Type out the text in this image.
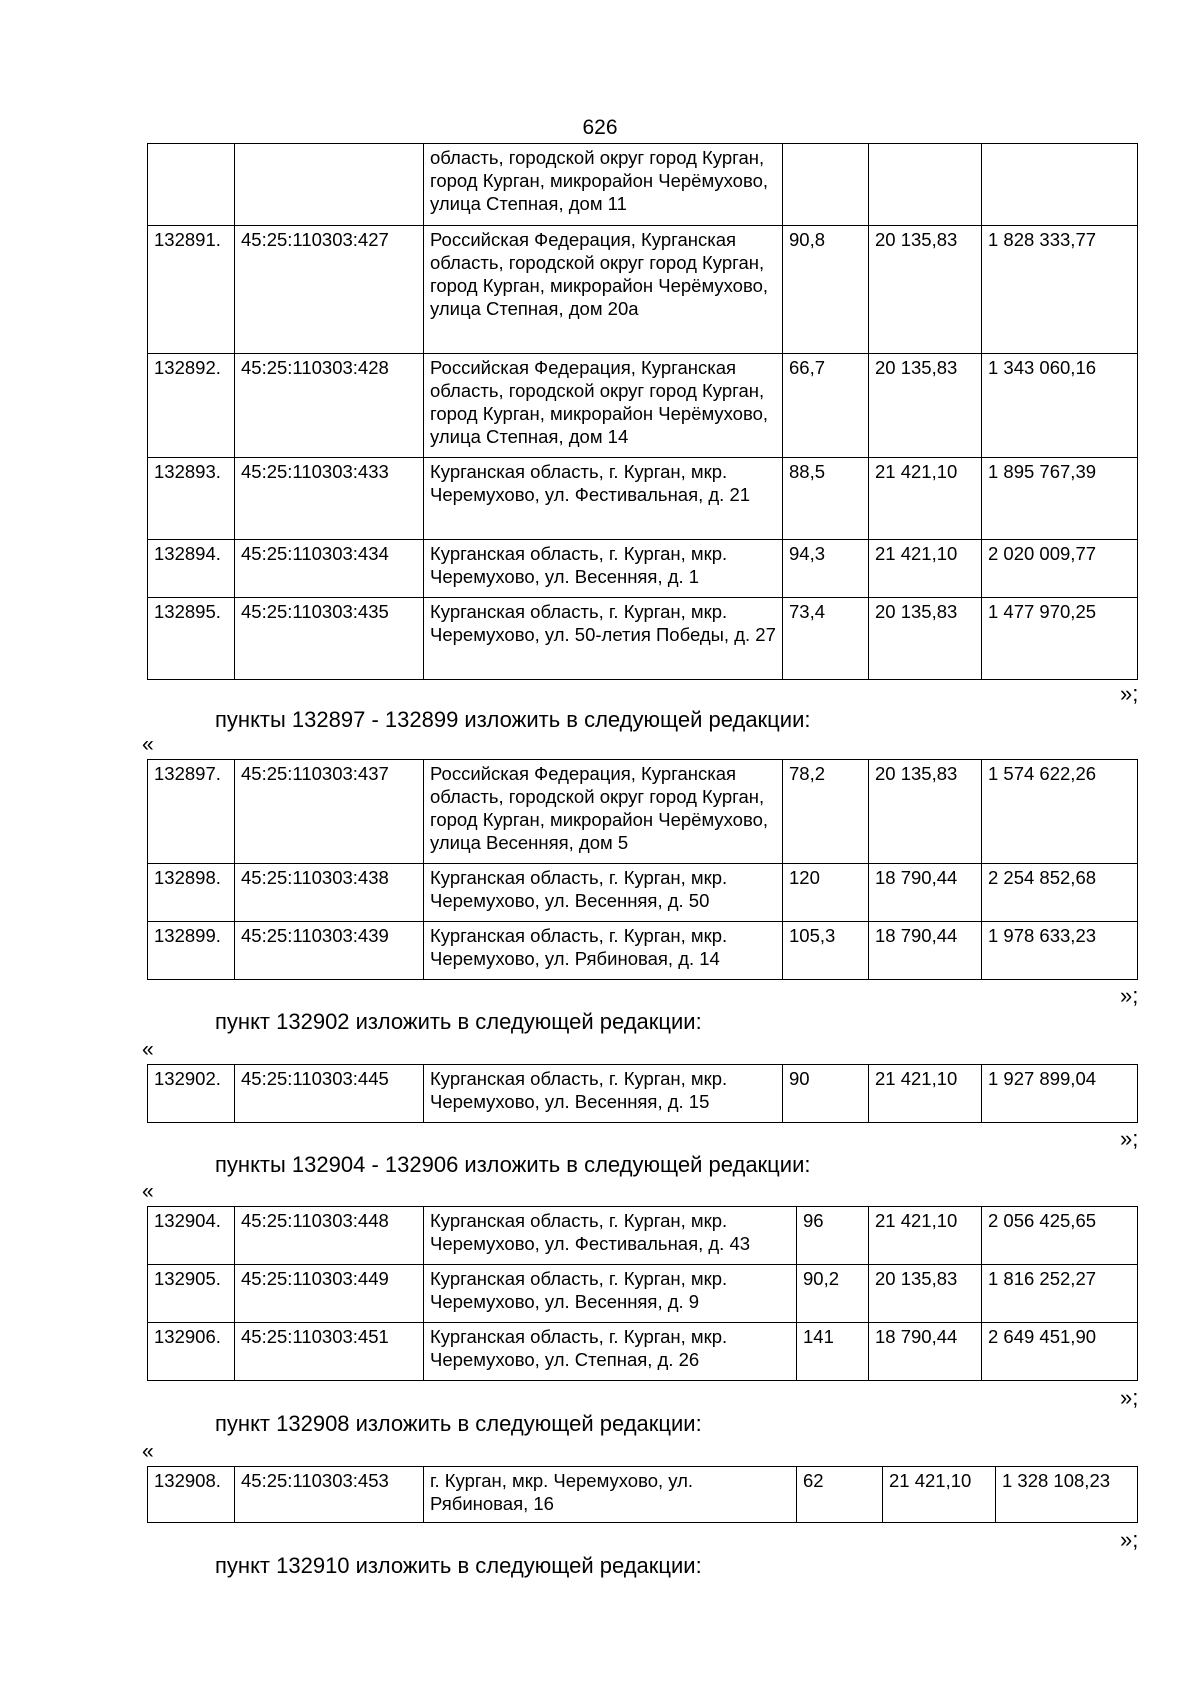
626
		область, городской округ город Курган, город Курган, микрорайон Черёмухово, улица Степная, дом 11			
132891.	45:25:110303:427	Российская Федерация, Курганская область, городской округ город Курган, город Курган, микрорайон Черёмухово, улица Степная, дом 20а	90,8	20 135,83	1 828 333,77
132892.	45:25:110303:428	Российская Федерация, Курганская область, городской округ город Курган, город Курган, микрорайон Черёмухово, улица Степная, дом 14	66,7	20 135,83	1 343 060,16
132893.	45:25:110303:433	Курганская область, г. Курган, мкр. Черемухово, ул. Фестивальная, д. 21	88,5	21 421,10	1 895 767,39
132894.	45:25:110303:434	Курганская область, г. Курган, мкр. Черемухово, ул. Весенняя, д. 1	94,3	21 421,10	2 020 009,77
132895.	45:25:110303:435	Курганская область, г. Курган, мкр. Черемухово, ул. 50-летия Победы, д. 27	73,4	20 135,83	1 477 970,25
»;
пункты 132897 - 132899 изложить в следующей редакции:
«
132897.	45:25:110303:437	Российская Федерация, Курганская область, городской округ город Курган, город Курган, микрорайон Черёмухово, улица Весенняя, дом 5	78,2	20 135,83	1 574 622,26
132898.	45:25:110303:438	Курганская область, г. Курган, мкр. Черемухово, ул. Весенняя, д. 50	120	18 790,44	2 254 852,68
132899.	45:25:110303:439	Курганская область, г. Курган, мкр. Черемухово, ул. Рябиновая, д. 14	105,3	18 790,44	1 978 633,23
»;
пункт 132902 изложить в следующей редакции:
«
132902.	45:25:110303:445	Курганская область, г. Курган, мкр. Черемухово, ул. Весенняя, д. 15	90	21 421,10	1 927 899,04
»;
пункты 132904 - 132906 изложить в следующей редакции:
«
132904.	45:25:110303:448	Курганская область, г. Курган, мкр. Черемухово, ул. Фестивальная, д. 43	96	21 421,10	2 056 425,65
132905.	45:25:110303:449	Курганская область, г. Курган, мкр. Черемухово, ул. Весенняя, д. 9	90,2	20 135,83	1 816 252,27
132906.	45:25:110303:451	Курганская область, г. Курган, мкр. Черемухово, ул. Степная, д. 26	141	18 790,44	2 649 451,90
»;
пункт 132908 изложить в следующей редакции:
«
132908.	45:25:110303:453	г. Курган, мкр. Черемухово, ул. Рябиновая, 16	62	21 421,10	1 328 108,23
»;
пункт 132910 изложить в следующей редакции:
